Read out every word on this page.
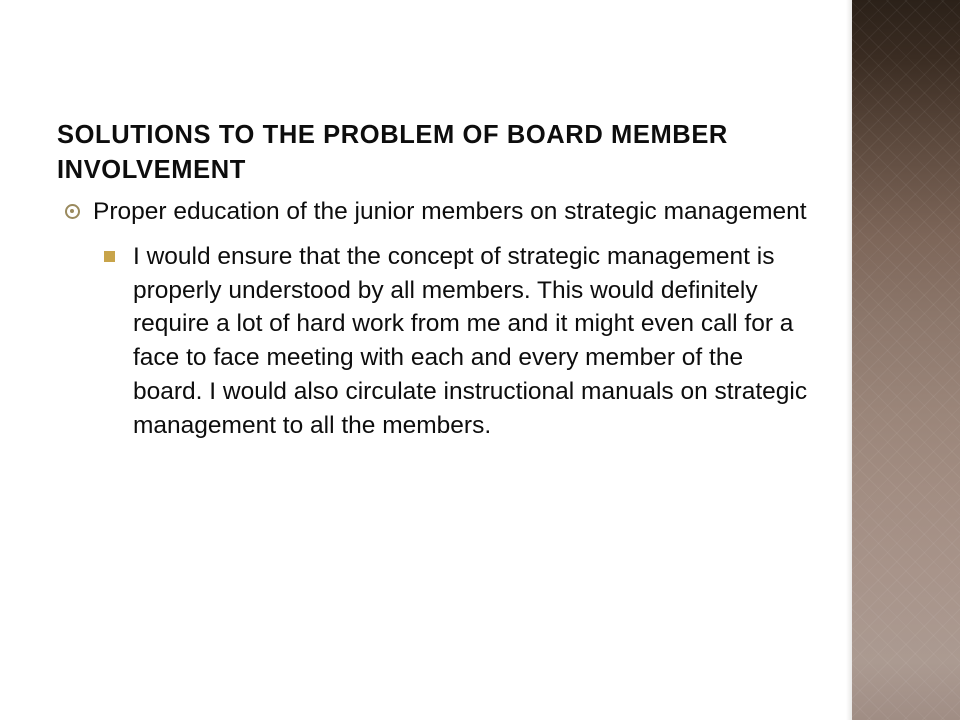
SOLUTIONS TO THE PROBLEM OF BOARD MEMBER INVOLVEMENT
Proper education of the junior members on strategic management
I would ensure that the concept of strategic management is properly understood by all members. This would definitely require a lot of hard work from me and it might even call for a face to face meeting with each and every member of the board. I would also circulate instructional manuals on strategic management to all the members.
